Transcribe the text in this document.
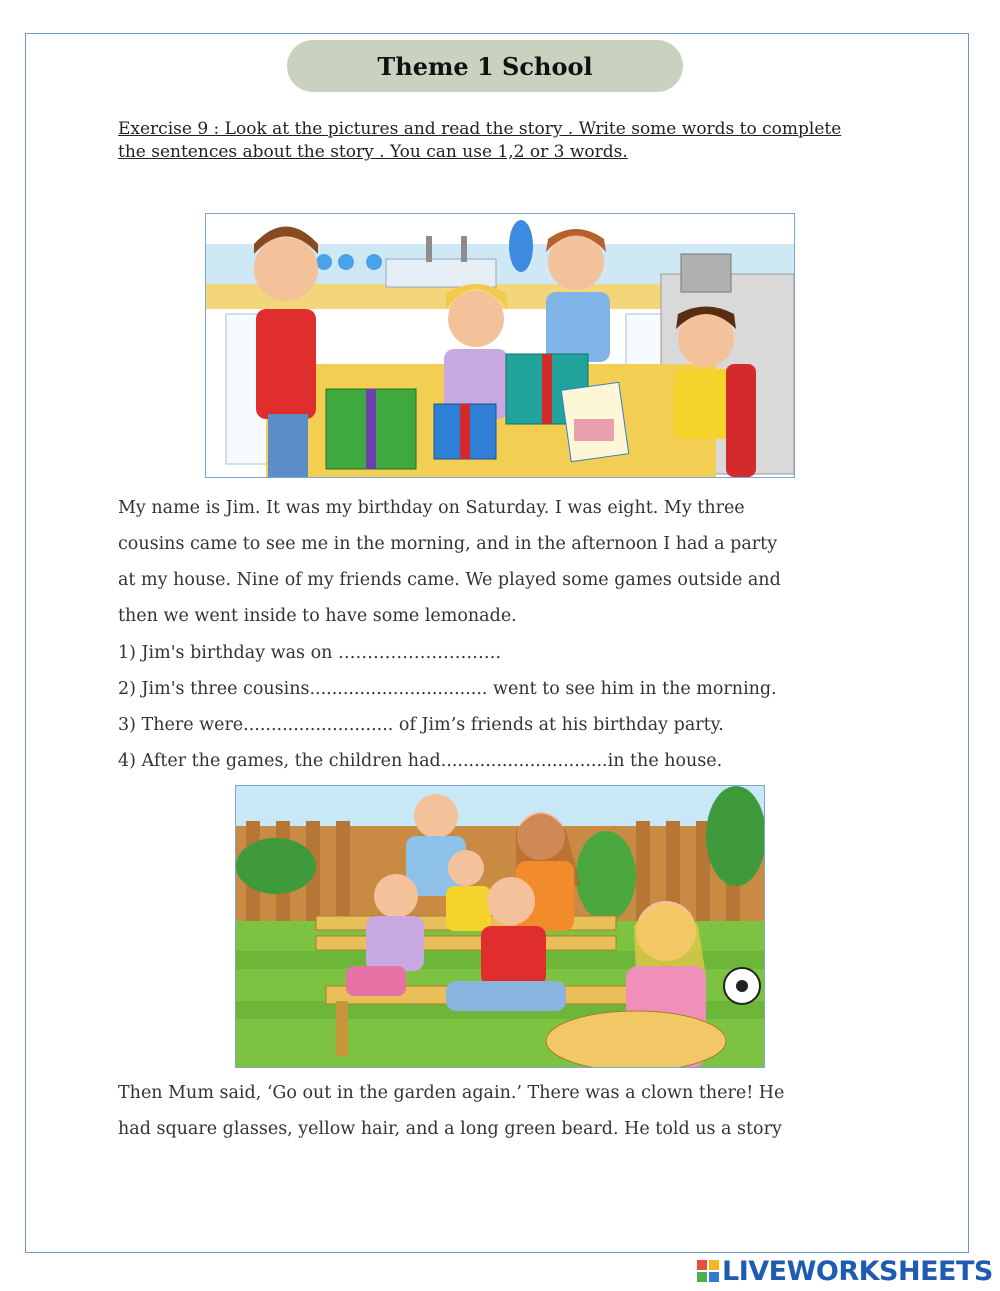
Theme 1 School
Exercise 9 : Look at the pictures and read the story . Write some words to complete the sentences about the story . You can use 1,2 or 3 words.
My name is Jim. It was my birthday on Saturday. I was eight. My three
cousins came to see me in the morning, and in the afternoon I had a party
at my house. Nine of my friends came. We played some games outside and
then we went inside to have some lemonade.
1) Jim's birthday was on ……………………….
2) Jim's three cousins................................ went to see him in the morning.
3) There were........................... of Jim’s friends at his birthday party.
4) After the games, the children had..............................in the house.
Then Mum said, ‘Go out in the garden again.’ There was a clown there! He
had square glasses, yellow hair, and a long green beard. He told us a story
LIVEWORKSHEETS
